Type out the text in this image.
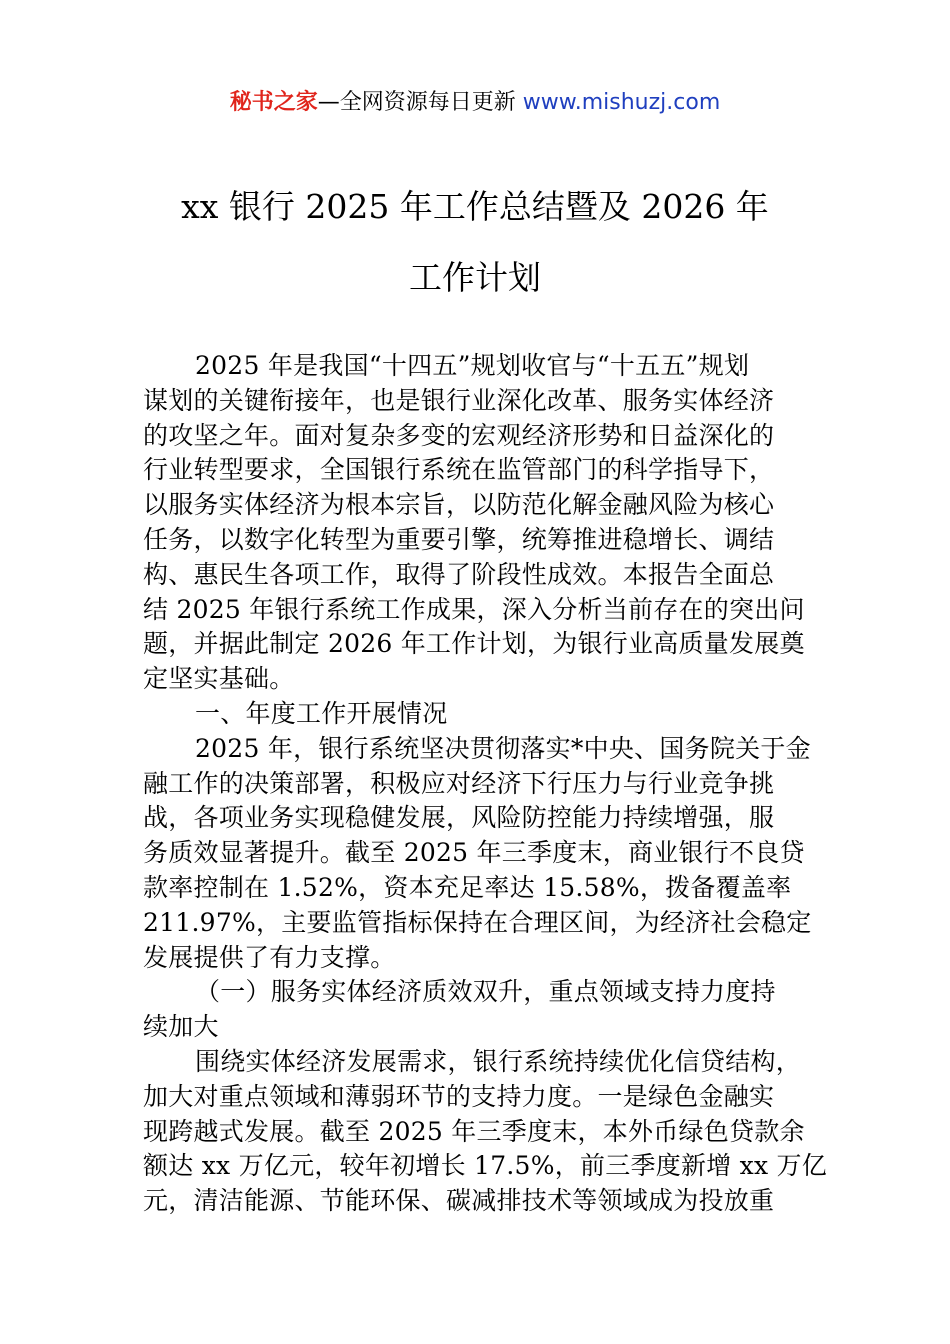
秘书之家—全网资源每日更新 www.mishuzj.com
xx 银行 2025 年工作总结暨及 2026 年
工作计划
2025 年是我国“十四五”规划收官与“十五五”规划
谋划的关键衔接年，也是银行业深化改革、服务实体经济
的攻坚之年。面对复杂多变的宏观经济形势和日益深化的
行业转型要求，全国银行系统在监管部门的科学指导下，
以服务实体经济为根本宗旨，以防范化解金融风险为核心
任务，以数字化转型为重要引擎，统筹推进稳增长、调结
构、惠民生各项工作，取得了阶段性成效。本报告全面总
结 2025 年银行系统工作成果，深入分析当前存在的突出问
题，并据此制定 2026 年工作计划，为银行业高质量发展奠
定坚实基础。
一、年度工作开展情况
2025 年，银行系统坚决贯彻落实*中央、国务院关于金
融工作的决策部署，积极应对经济下行压力与行业竞争挑
战，各项业务实现稳健发展，风险防控能力持续增强，服
务质效显著提升。截至 2025 年三季度末，商业银行不良贷
款率控制在 1.52%，资本充足率达 15.58%，拨备覆盖率
211.97%，主要监管指标保持在合理区间，为经济社会稳定
发展提供了有力支撑。
（一）服务实体经济质效双升，重点领域支持力度持
续加大
围绕实体经济发展需求，银行系统持续优化信贷结构，
加大对重点领域和薄弱环节的支持力度。一是绿色金融实
现跨越式发展。截至 2025 年三季度末，本外币绿色贷款余
额达 xx 万亿元，较年初增长 17.5%，前三季度新增 xx 万亿
元，清洁能源、节能环保、碳减排技术等领域成为投放重
